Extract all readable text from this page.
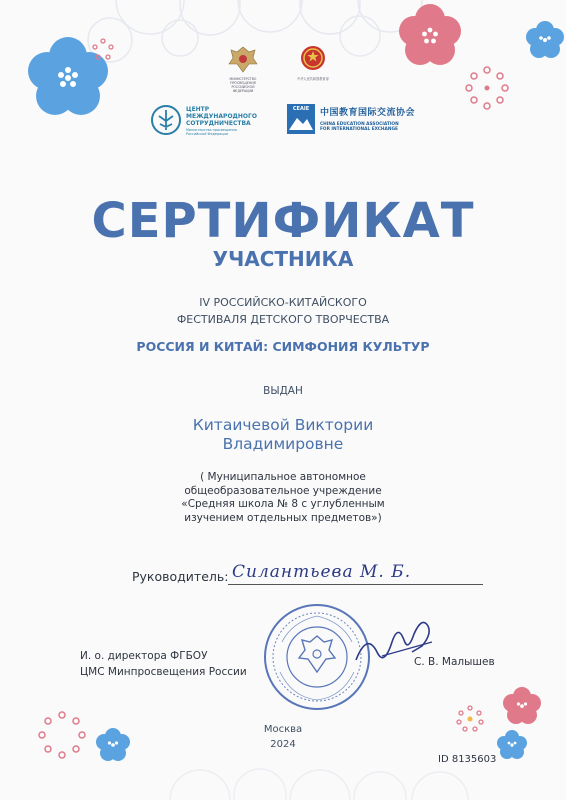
МИНИСТЕРСТВО ПРОСВЕЩЕНИЯ РОССИЙСКОЙ ФЕДЕРАЦИИ
中华人民共和国教育部
ЦЕНТР МЕЖДУНАРОДНОГО СОТРУДНИЧЕСТВА
Министерства просвещения Российской Федерации
CEAIE	中国教育国际交流协会
CHINA EDUCATION ASSOCIATION
FOR INTERNATIONAL EXCHANGE
СЕРТИФИКАТ
УЧАСТНИКА
IV РОССИЙСКО-КИТАЙСКОГО
ФЕСТИВАЛЯ ДЕТСКОГО ТВОРЧЕСТВА
РОССИЯ И КИТАЙ: СИМФОНИЯ КУЛЬТУР
ВЫДАН
Китаичевой Виктории
Владимировне
( Муниципальное автономное
общеобразовательное учреждение
«Средняя школа № 8 с углубленным
изучением отдельных предметов»)
Руководитель: Силантьева М. Б.
И. о. директора ФГБОУ
ЦМС Минпросвещения России
С. В. Малышев
Москва
2024
ID 8135603
